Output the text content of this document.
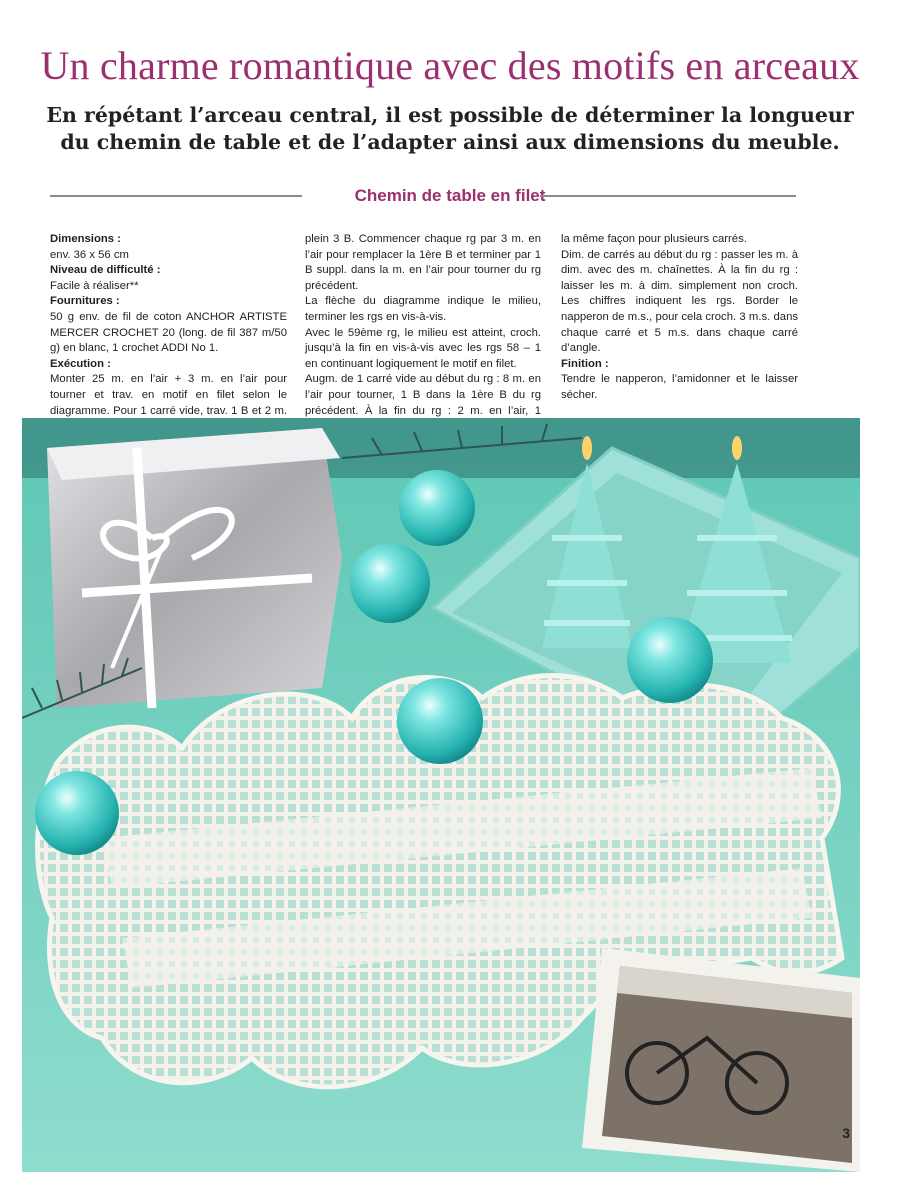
Un charme romantique avec des motifs en arceaux
En répétant l’arceau central, il est possible de déterminer la longueur
du chemin de table et de l’adapter ainsi aux dimensions du meuble.
Chemin de table en filet

Dimensions :

env. 36 x 56 cm

Niveau de difficulté :

Facile à réaliser**

Fournitures :

50 g env. de fil de coton ANCHOR ARTISTE MERCER CROCHET 20 (long. de fil 387 m/50 g) en blanc, 1 crochet ADDI No 1.

Exécution :

Monter 25 m. en l’air + 3 m. en l’air pour tourner et trav. en motif en filet selon le diagramme. Pour 1 carré vide, trav. 1 B et 2 m.

plein 3 B. Commencer chaque rg par 3 m. en l’air pour remplacer la 1ère B et terminer par 1 B suppl. dans la m. en l’air pour tourner du rg précédent.

La flèche du diagramme indique le milieu, terminer les rgs en vis-à-vis.

Avec le 59ème rg, le milieu est atteint, croch. jusqu’à la fin en vis-à-vis avec les rgs 58 – 1 en continuant logiquement le motif en filet.

Augm. de 1 carré vide au début du rg : 8 m. en l’air pour tourner, 1 B dans la 1ère B du rg précédent. À la fin du rg : 2 m. en l’air, 1

la même façon pour plusieurs carrés.

Dim. de carrés au début du rg : passer les m. à dim. avec des m. chaînettes. À la fin du rg : laisser les m. à dim. simplement non croch. Les chiffres indiquent les rgs. Border le napperon de m.s., pour cela croch. 3 m.s. dans chaque carré et 5 m.s. dans chaque carré d’angle.

Finition :

Tendre le napperon, l’amidonner et le laisser sécher.

3
